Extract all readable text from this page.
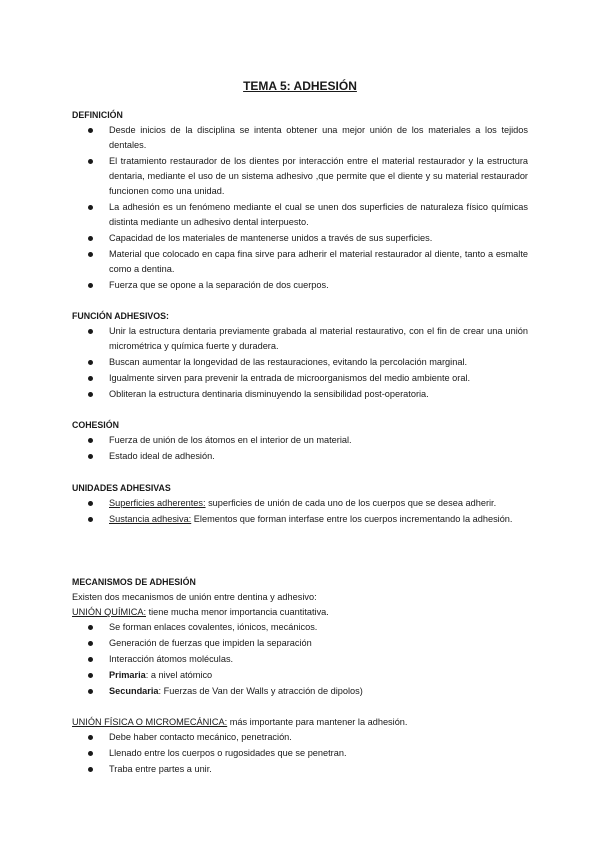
TEMA 5: ADHESIÓN

DEFINICIÓN

Desde inicios de la disciplina se intenta obtener una mejor unión de los materiales a los tejidos dentales.
El tratamiento restaurador de los dientes por interacción entre el material restaurador y la estructura dentaria, mediante el uso de un sistema adhesivo ,que permite que el diente y su material restaurador funcionen como una unidad.
La adhesión es un fenómeno mediante el cual se unen dos superficies de naturaleza físico químicas distinta mediante un adhesivo dental interpuesto.
Capacidad de los materiales de mantenerse unidos a través de sus superficies.
Material que colocado en capa fina sirve para adherir el material restaurador al diente, tanto a esmalte como a dentina.
Fuerza que se opone a la separación de dos cuerpos.

FUNCIÓN ADHESIVOS:

Unir la estructura dentaria previamente grabada al material restaurativo, con el fin de crear una unión micrométrica y química fuerte y duradera.
Buscan aumentar la longevidad de las restauraciones, evitando la percolación marginal.
Igualmente sirven para prevenir la entrada de microorganismos del medio ambiente oral.
Obliteran la estructura dentinaria disminuyendo la sensibilidad post-operatoria.

COHESIÓN

Fuerza de unión de los átomos en el interior de un material.
Estado ideal de adhesión.

UNIDADES ADHESIVAS

Superficies adherentes: superficies de unión de cada uno de los cuerpos que se desea adherir.
Sustancia adhesiva: Elementos que forman interfase entre los cuerpos incrementando la adhesión.

MECANISMOS DE ADHESIÓN

Existen dos mecanismos de unión entre dentina y adhesivo:

UNIÓN QUÍMICA: tiene mucha menor importancia cuantitativa.

Se forman enlaces covalentes, iónicos, mecánicos.
Generación de fuerzas que impiden la separación
Interacción átomos moléculas.
Primaria: a nivel atómico
Secundaria: Fuerzas de Van der Walls y atracción de dipolos)

UNIÓN FÍSICA O MICROMECÁNICA: más importante para mantener la adhesión.

Debe haber contacto mecánico, penetración.
Llenado entre los cuerpos o rugosidades que se penetran.
Traba entre partes a unir.
